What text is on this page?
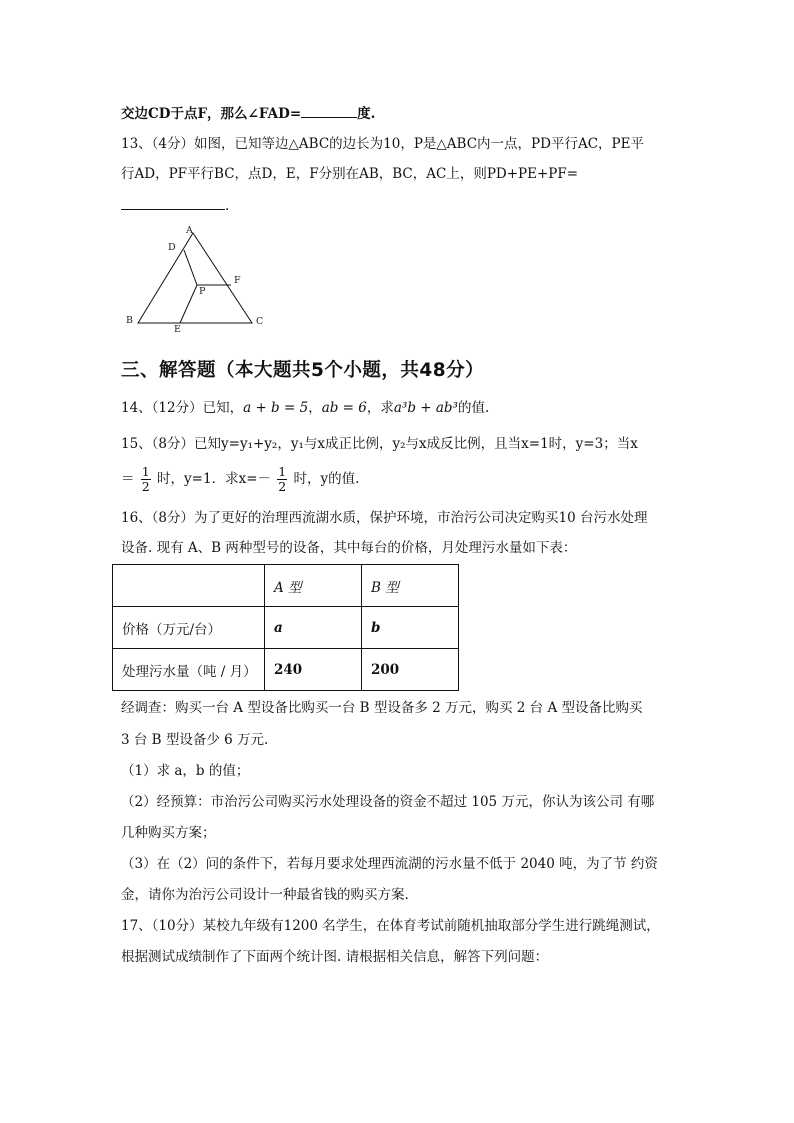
交边CD于点F，那么∠FAD=	度.
13、（4分）如图，已知等边△ABC的边长为10，P是△ABC内一点，PD平行AC，PE平
行AD，PF平行BC，点D，E，F分别在AB，BC，AC上，则PD+PE+PF=
.
A
D
F
P
B
E
C
三、解答题（本大题共5个小题，共48分）
14、（12分）已知，a + b = 5，ab = 6，求a³b + ab³的值.
15、（8分）已知y=y₁+y₂，y₁与x成正比例，y₂与x成反比例，且当x=1时，y=3；当x
＝ $\frac{1}{2}$ 时，y=1．求$x=- \frac{1}{2}$ 时，y的值.
16、（8分）为了更好的治理西流湖水质，保护环境，市治污公司决定购买10 台污水处理
设备. 现有 A、B 两种型号的设备，其中每台的价格，月处理污水量如下表：
	A 型	B 型
价格（万元/台）	a	b
处理污水量（吨 / 月）	240	200
经调查：购买一台 A 型设备比购买一台 B 型设备多 2 万元，购买 2 台 A 型设备比购买
3 台 B 型设备少 6 万元.
（1）求 a，b 的值；
（2）经预算：市治污公司购买污水处理设备的资金不超过 105 万元，你认为该公司 有哪
几种购买方案；
（3）在（2）问的条件下，若每月要求处理西流湖的污水量不低于 2040 吨，为了节 约资
金，请你为治污公司设计一种最省钱的购买方案.
17、（10分）某校九年级有1200 名学生，在体育考试前随机抽取部分学生进行跳绳测试，
根据测试成绩制作了下面两个统计图. 请根据相关信息，解答下列问题：
